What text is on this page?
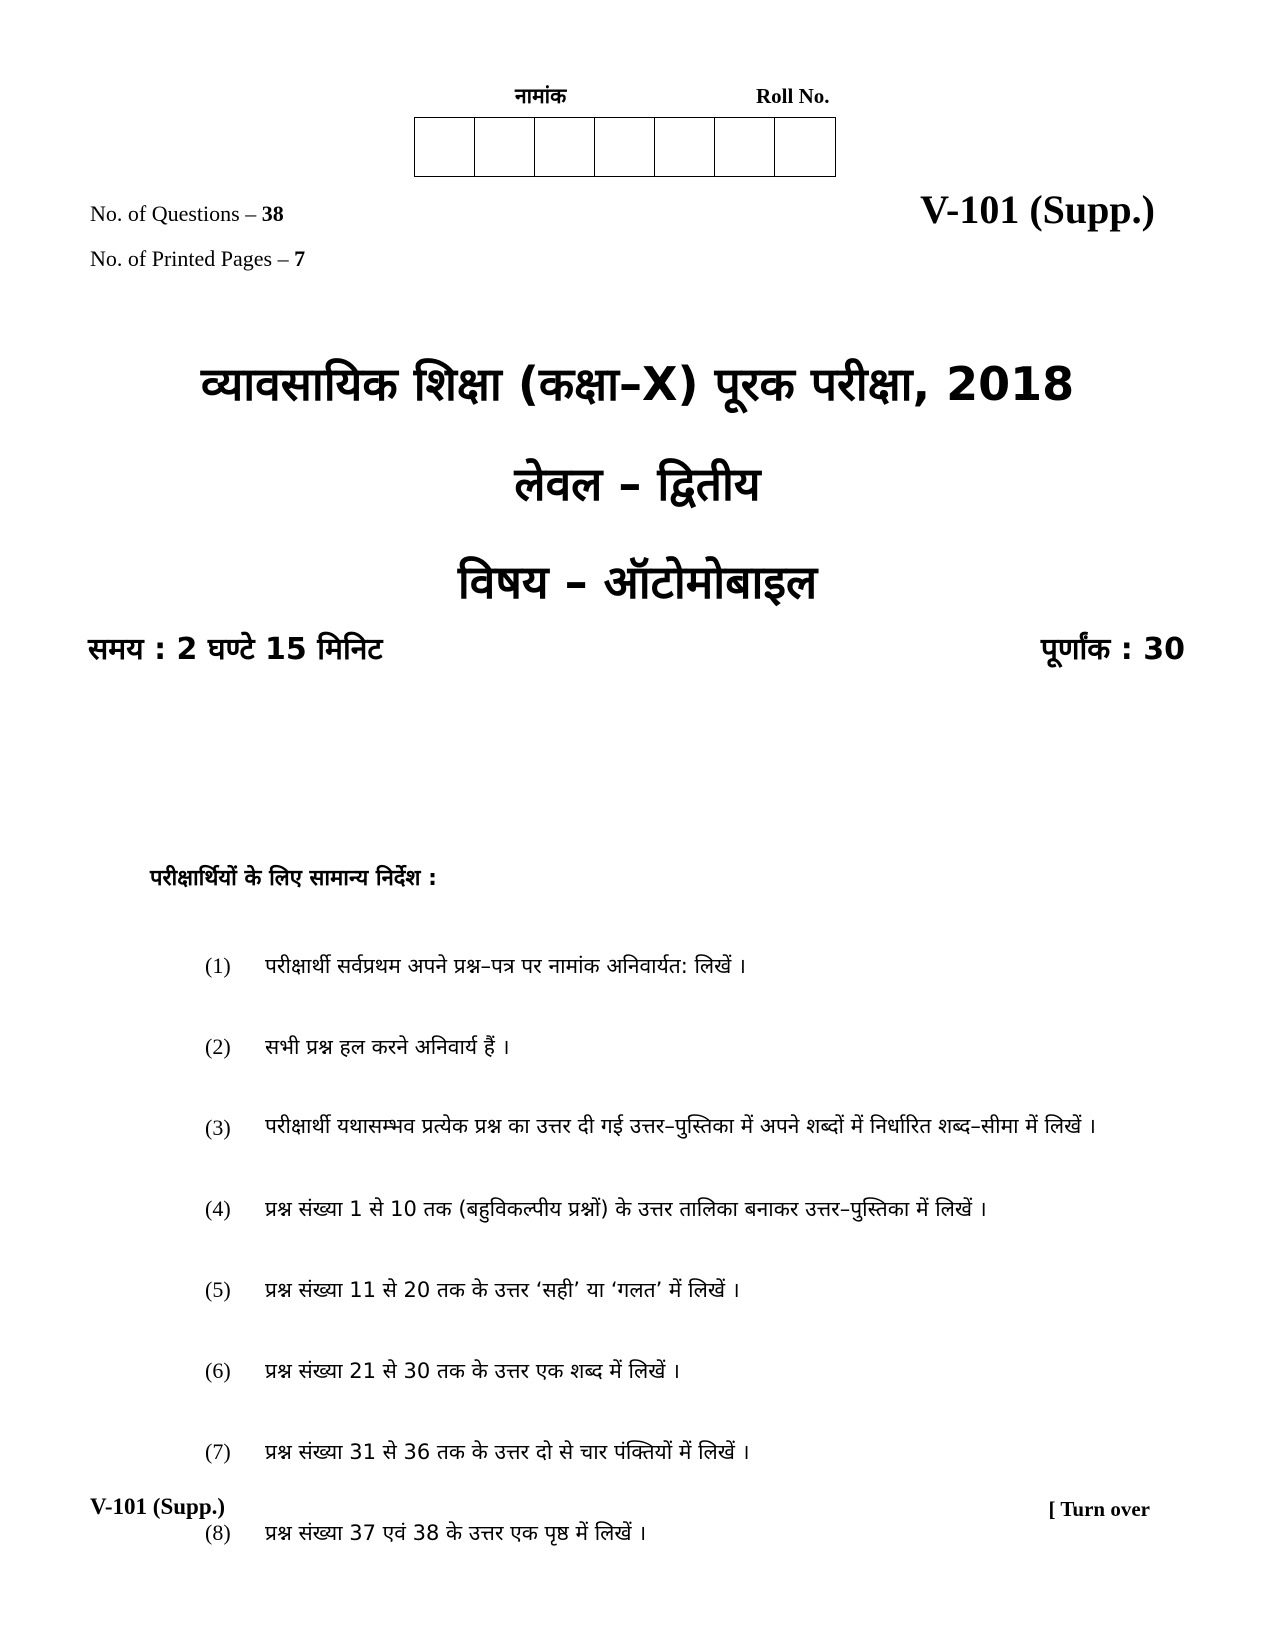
नामांक	Roll No.
No. of Questions – 38
No. of Printed Pages – 7
V-101 (Supp.)
व्यावसायिक शिक्षा (कक्षा–X) पूरक परीक्षा, 2018
लेवल – द्वितीय
विषय – ऑटोमोबाइल
समय : 2 घण्टे 15 मिनिट	पूर्णांक : 30
परीक्षार्थियों के लिए सामान्य निर्देश :
(1)	परीक्षार्थी सर्वप्रथम अपने प्रश्न–पत्र पर नामांक अनिवार्यत: लिखें ।
(2)	सभी प्रश्न हल करने अनिवार्य हैं ।
(3)	परीक्षार्थी यथासम्भव प्रत्येक प्रश्न का उत्तर दी गई उत्तर–पुस्तिका में अपने शब्दों में निर्धारित शब्द–सीमा में लिखें ।
(4)	प्रश्न संख्या 1 से 10 तक (बहुविकल्पीय प्रश्नों) के उत्तर तालिका बनाकर उत्तर–पुस्तिका में लिखें ।
(5)	प्रश्न संख्या 11 से 20 तक के उत्तर ‘सही’ या ‘गलत’ में लिखें ।
(6)	प्रश्न संख्या 21 से 30 तक के उत्तर एक शब्द में लिखें ।
(7)	प्रश्न संख्या 31 से 36 तक के उत्तर दो से चार पंक्तियों में लिखें ।
(8)	प्रश्न संख्या 37 एवं 38 के उत्तर एक पृष्ठ में लिखें ।
V-101 (Supp.)	[ Turn over
